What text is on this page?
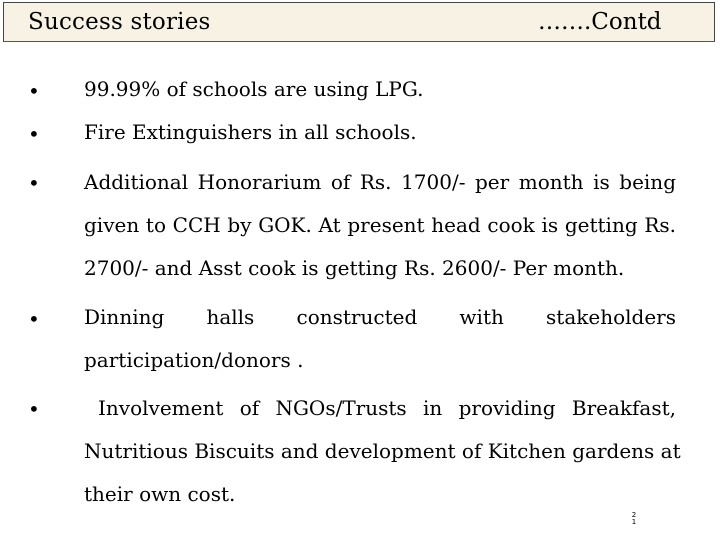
Success stories	…….Contd
• 99.99% of schools are using LPG.
• Fire Extinguishers in all schools.
• Additional Honorarium of Rs. 1700/- per month is being
given to CCH by GOK. At present head cook is getting Rs.
2700/- and Asst cook is getting Rs. 2600/- Per month.
• Dinning halls constructed with stakeholders
participation/donors .
•	Involvement of NGOs/Trusts in providing Breakfast,
Nutritious Biscuits and development of Kitchen gardens at
their own cost.
2
1
